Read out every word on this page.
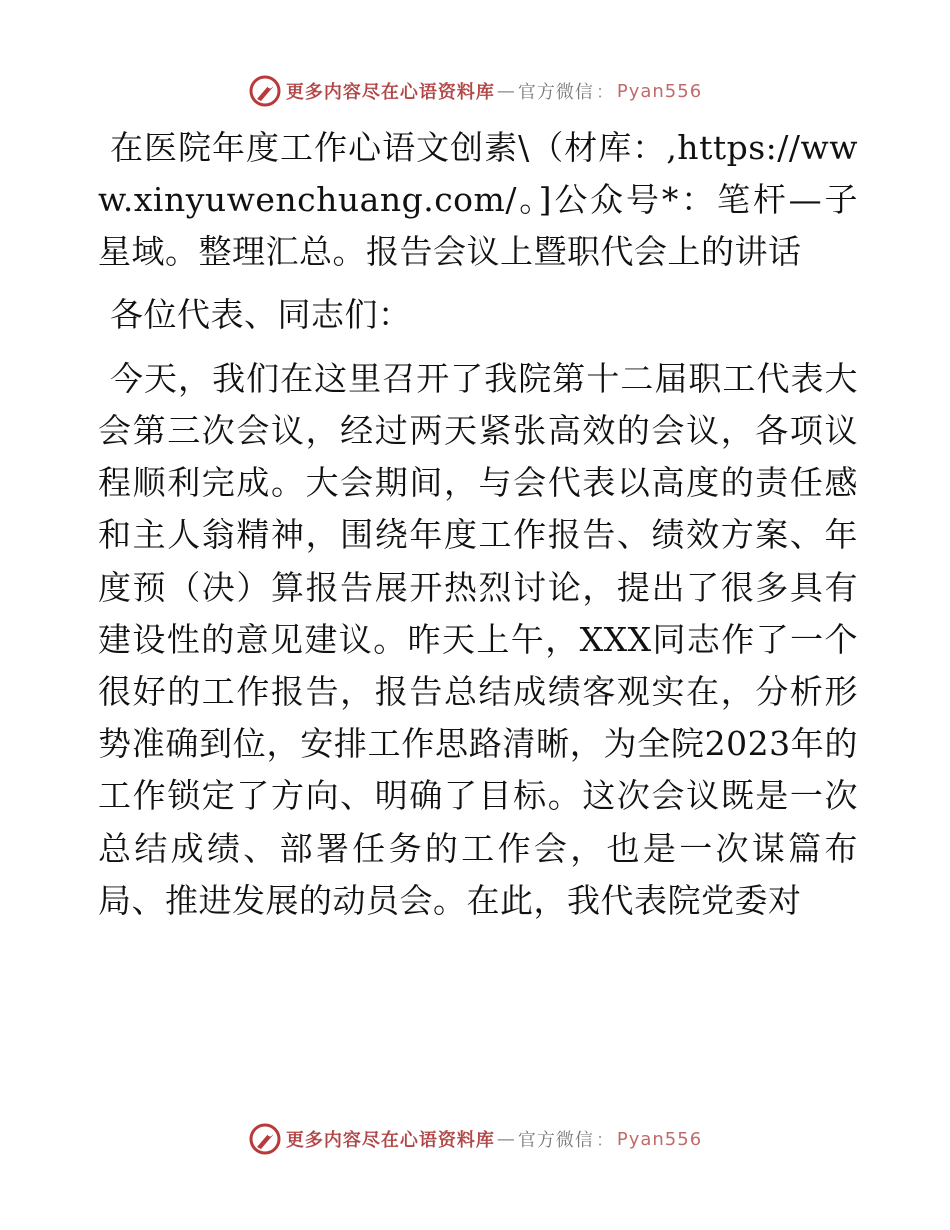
更多内容尽在心语资料库 — 官方微信 ： Pyan556

在医院年度工作心语文创素\（材库：,https://www.xinyuwenchuang.com/。]公众号*：笔杆—子星域。整理汇总。报告会议上暨职代会上的讲话

各位代表、同志们：

今天，我们在这里召开了我院第十二届职工代表大会第三次会议，经过两天紧张高效的会议，各项议程顺利完成。大会期间，与会代表以高度的责任感和主人翁精神，围绕年度工作报告、绩效方案、年度预（决）算报告展开热烈讨论，提出了很多具有建设性的意见建议。昨天上午，XXX同志作了一个很好的工作报告，报告总结成绩客观实在，分析形势准确到位，安排工作思路清晰，为全院2023年的工作锁定了方向、明确了目标。这次会议既是一次总结成绩、部署任务的工作会，也是一次谋篇布局、推进发展的动员会。在此，我代表院党委对

更多内容尽在心语资料库 — 官方微信 ： Pyan556
